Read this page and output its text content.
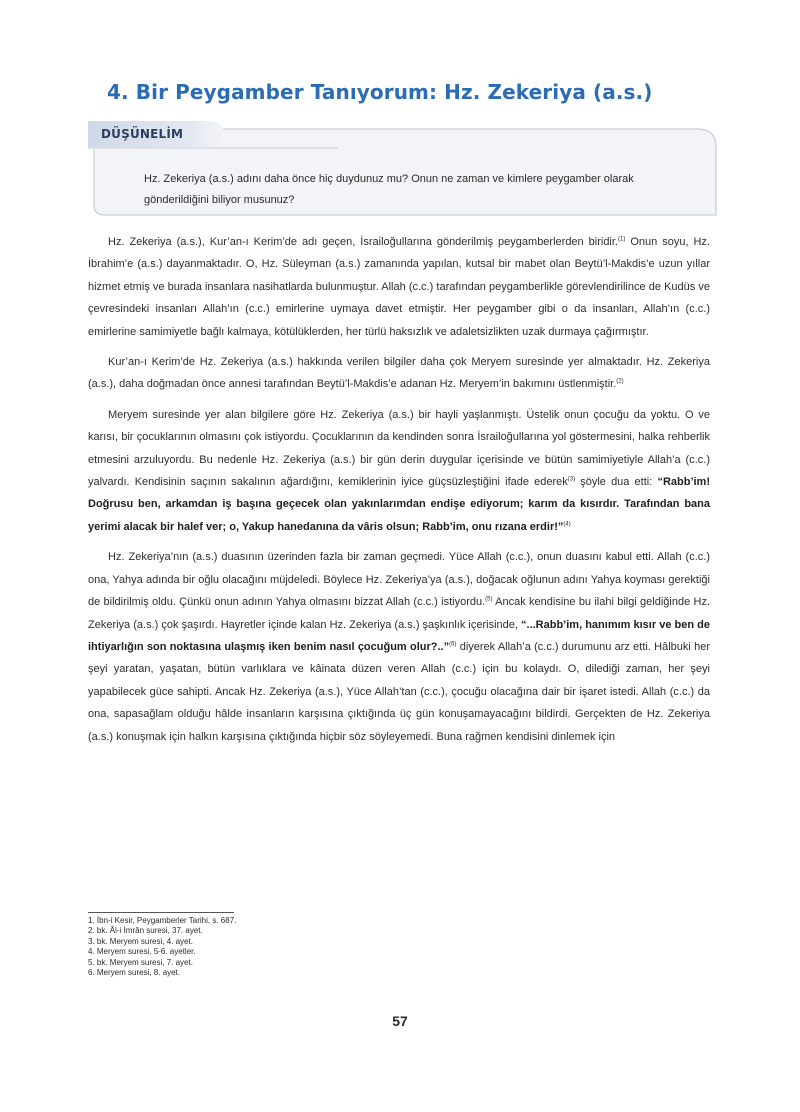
4. Bir Peygamber Tanıyorum: Hz. Zekeriya (a.s.)
DÜŞÜNELİM
Hz. Zekeriya (a.s.) adını daha önce hiç duydunuz mu? Onun ne zaman ve kimlere peygamber olarak gönderildiğini biliyor musunuz?

Hz. Zekeriya (a.s.), Kur’an-ı Kerim’de adı geçen, İsrailoğullarına gönderilmiş peygamberlerden biridir.$^{(1)}$ Onun soyu, Hz. İbrahim’e (a.s.) dayanmaktadır. O, Hz. Süleyman (a.s.) zamanında yapılan, kutsal bir mabet olan Beytü’l-Makdis’e uzun yıllar hizmet etmiş ve burada insanlara nasihatlarda bulunmuştur. Allah (c.c.) tarafından peygamberlikle görevlendirilince de Kudüs ve çevresindeki insanları Allah’ın (c.c.) emirlerine uymaya davet etmiştir. Her peygamber gibi o da insanları, Allah’ın (c.c.) emirlerine samimiyetle bağlı kalmaya, kötülüklerden, her türlü haksızlık ve adaletsizlikten uzak durmaya çağırmıştır.

Kur’an-ı Kerim’de Hz. Zekeriya (a.s.) hakkında verilen bilgiler daha çok Meryem suresinde yer almaktadır. Hz. Zekeriya (a.s.), daha doğmadan önce annesi tarafından Beytü’l-Makdis’e adanan Hz. Meryem’in bakımını üstlenmiştir.$^{(2)}$

Meryem suresinde yer alan bilgilere göre Hz. Zekeriya (a.s.) bir hayli yaşlanmıştı. Üstelik onun çocuğu da yoktu. O ve karısı, bir çocuklarının olmasını çok istiyordu. Çocuklarının da kendinden sonra İsrailoğullarına yol göstermesini, halka rehberlik etmesini arzuluyordu. Bu nedenle Hz. Zekeriya (a.s.) bir gün derin duygular içerisinde ve bütün samimiyetiyle Allah’a (c.c.) yalvardı. Kendisinin saçının sakalının ağardığını, kemiklerinin iyice güçsüzleştiğini ifade ederek$^{(3)}$ şöyle dua etti: “Rabb’im! Doğrusu ben, arkamdan iş başına geçecek olan yakınlarımdan endişe ediyorum; karım da kısırdır. Tarafından bana yerimi alacak bir halef ver; o, Yakup hanedanına da vâris olsun; Rabb’im, onu rızana erdir!”$^{(4)}$

Hz. Zekeriya’nın (a.s.) duasının üzerinden fazla bir zaman geçmedi. Yüce Allah (c.c.), onun duasını kabul etti. Allah (c.c.) ona, Yahya adında bir oğlu olacağını müjdeledi. Böylece Hz. Zekeriya’ya (a.s.), doğacak oğlunun adını Yahya koyması gerektiği de bildirilmiş oldu. Çünkü onun adının Yahya olmasını bizzat Allah (c.c.) istiyordu.$^{(5)}$ Ancak kendisine bu ilahi bilgi geldiğinde Hz. Zekeriya (a.s.) çok şaşırdı. Hayretler içinde kalan Hz. Zekeriya (a.s.) şaşkınlık içerisinde, “...Rabb’im, hanımım kısır ve ben de ihtiyarlığın son noktasına ulaşmış iken benim nasıl çocuğum olur?..”$^{(6)}$ diyerek Allah’a (c.c.) durumunu arz etti. Hâlbuki her şeyi yaratan, yaşatan, bütün varlıklara ve kâinata düzen veren Allah (c.c.) için bu kolaydı. O, dilediği zaman, her şeyi yapabilecek güce sahipti. Ancak Hz. Zekeriya (a.s.), Yüce Allah’tan (c.c.), çocuğu olacağına dair bir işaret istedi. Allah (c.c.) da ona, sapasağlam olduğu hâlde insanların karşısına çıktığında üç gün konuşamayacağını bildirdi. Gerçekten de Hz. Zekeriya (a.s.) konuşmak için halkın karşısına çıktığında hiçbir söz söyleyemedi. Buna rağmen kendisini dinlemek için

1. İbn-i Kesir, Peygamberler Tarihi, s. 687.
2. bk. Âl-i İmrân suresi, 37. ayet.
3. bk. Meryem suresi, 4. ayet.
4. Meryem suresi, 5-6. ayetler.
5. bk. Meryem suresi, 7. ayet.
6. Meryem suresi, 8. ayet.
57
